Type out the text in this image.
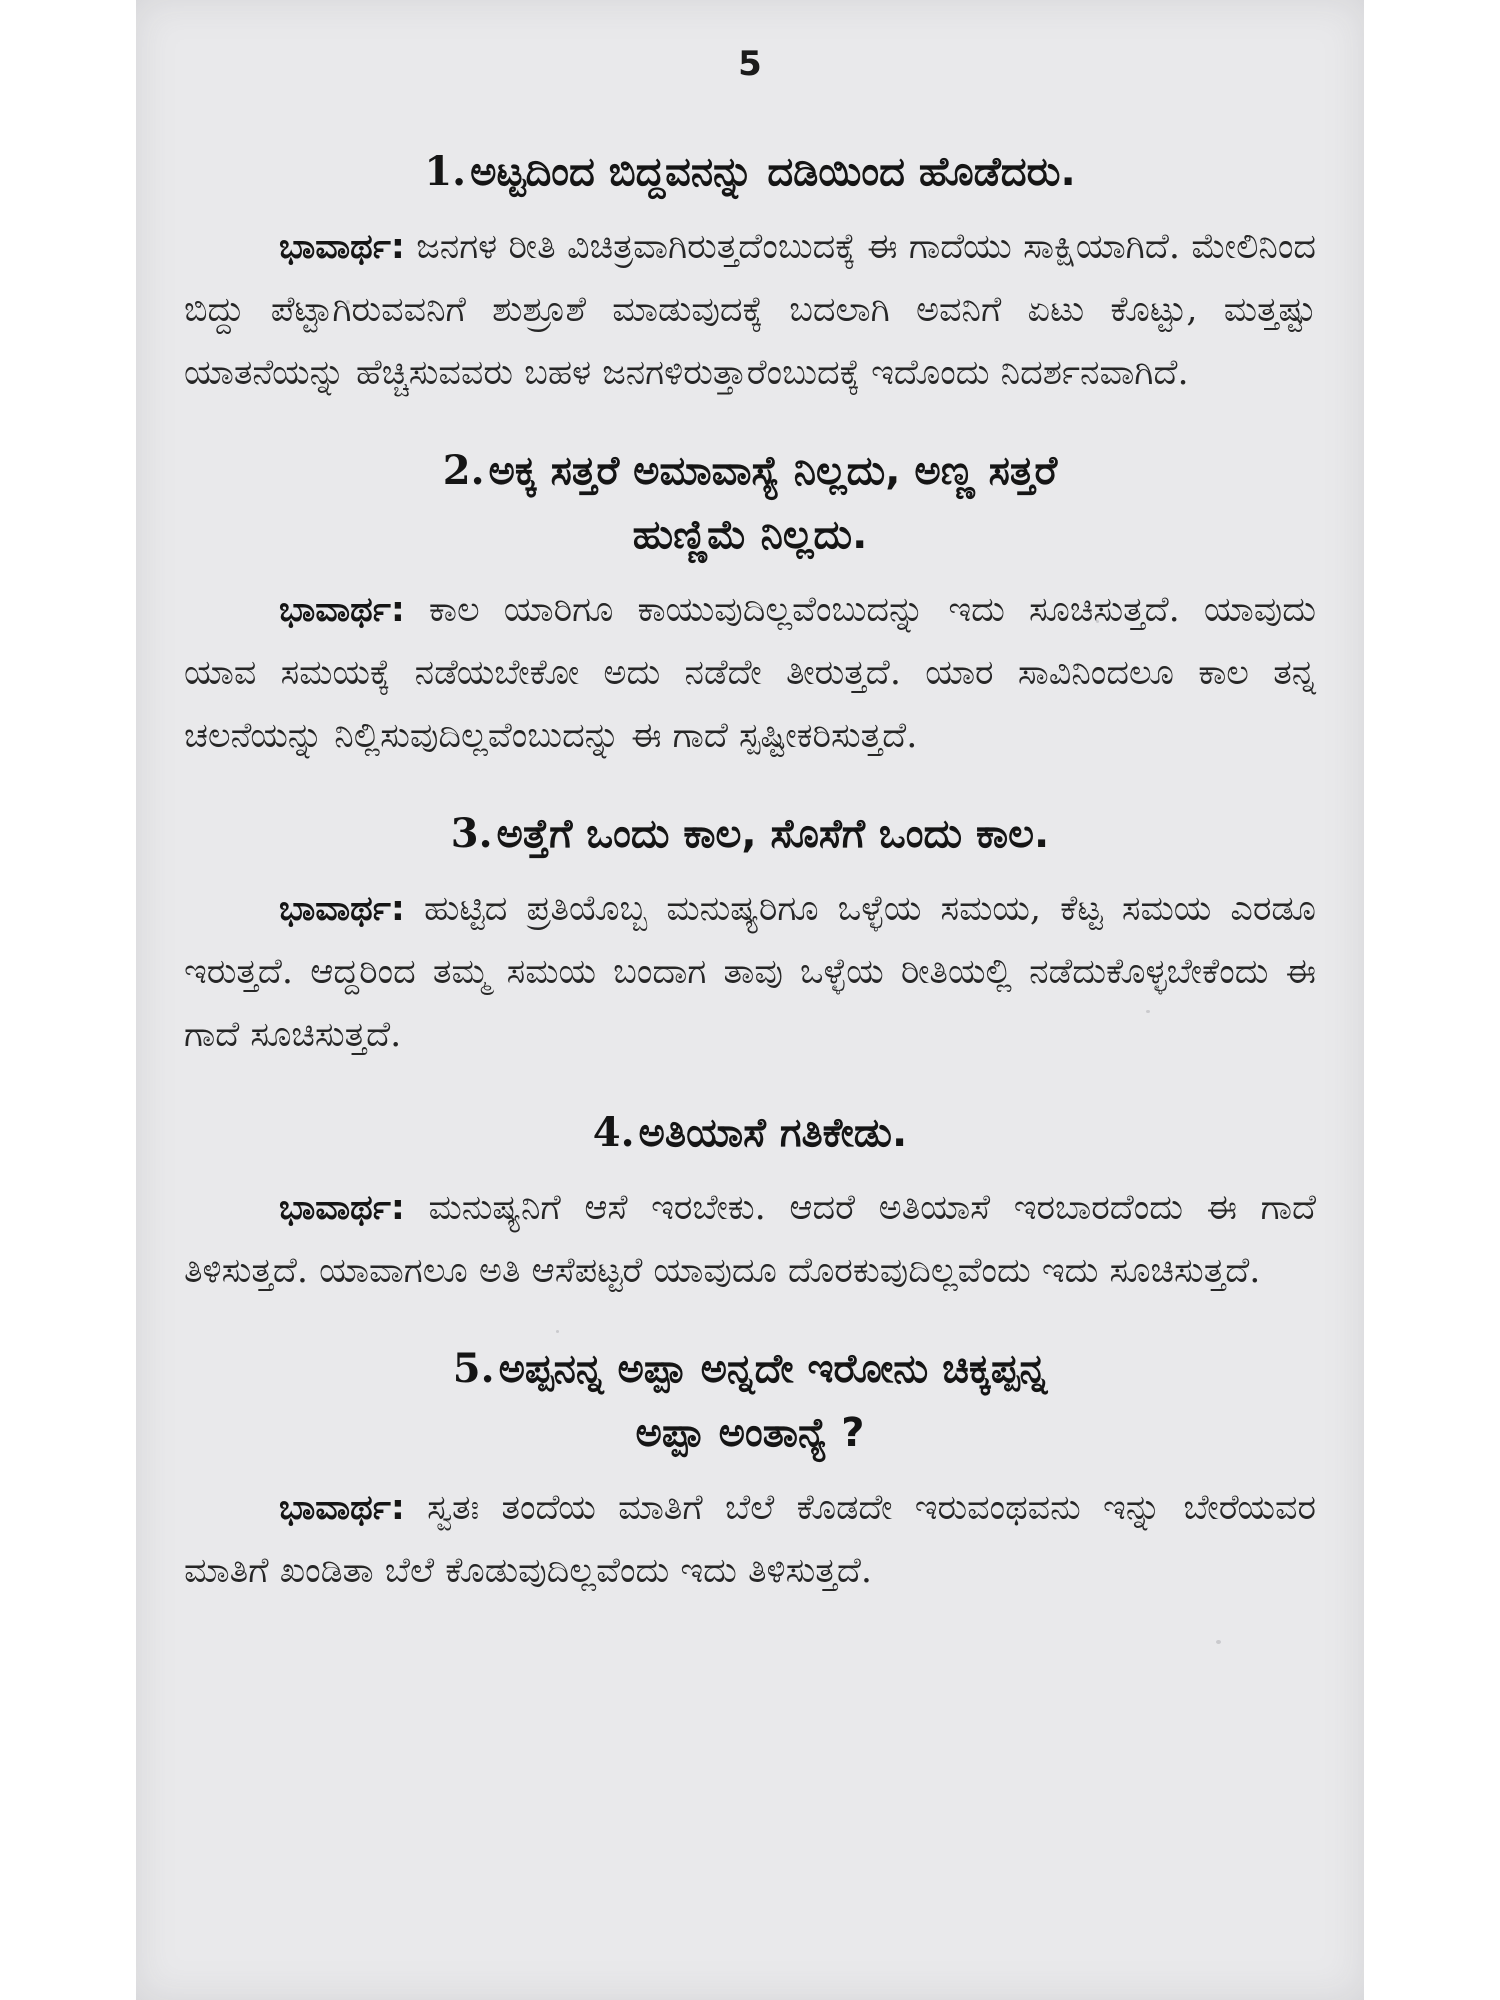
5
1. ಅಟ್ಟದಿಂದ ಬಿದ್ದವನನ್ನು ದಡಿಯಿಂದ ಹೊಡೆದರು.

ಭಾವಾರ್ಥ: ಜನಗಳ ರೀತಿ ವಿಚಿತ್ರವಾಗಿರುತ್ತದೆಂಬುದಕ್ಕೆ ಈ ಗಾದೆಯು ಸಾಕ್ಷಿಯಾಗಿದೆ. ಮೇಲಿನಿಂದ ಬಿದ್ದು ಪೆಟ್ಟಾಗಿರುವವನಿಗೆ ಶುಶ್ರೂಶೆ ಮಾಡುವುದಕ್ಕೆ ಬದಲಾಗಿ ಅವನಿಗೆ ಏಟು ಕೊಟ್ಟು, ಮತ್ತಷ್ಟು ಯಾತನೆಯನ್ನು ಹೆಚ್ಚಿಸುವವರು ಬಹಳ ಜನಗಳಿರುತ್ತಾರೆಂಬುದಕ್ಕೆ ಇದೊಂದು ನಿದರ್ಶನವಾಗಿದೆ.

2. ಅಕ್ಕ ಸತ್ತರೆ ಅಮಾವಾಸ್ಯೆ ನಿಲ್ಲದು, ಅಣ್ಣ ಸತ್ತರೆ
ಹುಣ್ಣಿಮೆ ನಿಲ್ಲದು.

ಭಾವಾರ್ಥ: ಕಾಲ ಯಾರಿಗೂ ಕಾಯುವುದಿಲ್ಲವೆಂಬುದನ್ನು ಇದು ಸೂಚಿಸುತ್ತದೆ. ಯಾವುದು ಯಾವ ಸಮಯಕ್ಕೆ ನಡೆಯಬೇಕೋ ಅದು ನಡೆದೇ ತೀರುತ್ತದೆ. ಯಾರ ಸಾವಿನಿಂದಲೂ ಕಾಲ ತನ್ನ ಚಲನೆಯನ್ನು ನಿಲ್ಲಿಸುವುದಿಲ್ಲವೆಂಬುದನ್ನು ಈ ಗಾದೆ ಸ್ಪಷ್ಟೀಕರಿಸುತ್ತದೆ.

3. ಅತ್ತೆಗೆ ಒಂದು ಕಾಲ, ಸೊಸೆಗೆ ಒಂದು ಕಾಲ.

ಭಾವಾರ್ಥ: ಹುಟ್ಟಿದ ಪ್ರತಿಯೊಬ್ಬ ಮನುಷ್ಯರಿಗೂ ಒಳ್ಳೆಯ ಸಮಯ, ಕೆಟ್ಟ ಸಮಯ ಎರಡೂ ಇರುತ್ತದೆ. ಆದ್ದರಿಂದ ತಮ್ಮ ಸಮಯ ಬಂದಾಗ ತಾವು ಒಳ್ಳೆಯ ರೀತಿಯಲ್ಲಿ ನಡೆದುಕೊಳ್ಳಬೇಕೆಂದು ಈ ಗಾದೆ ಸೂಚಿಸುತ್ತದೆ.

4. ಅತಿಯಾಸೆ ಗತಿಕೇಡು.

ಭಾವಾರ್ಥ: ಮನುಷ್ಯನಿಗೆ ಆಸೆ ಇರಬೇಕು. ಆದರೆ ಅತಿಯಾಸೆ ಇರಬಾರದೆಂದು ಈ ಗಾದೆ ತಿಳಿಸುತ್ತದೆ. ಯಾವಾಗಲೂ ಅತಿ ಆಸೆಪಟ್ಟರೆ ಯಾವುದೂ ದೊರಕುವುದಿಲ್ಲವೆಂದು ಇದು ಸೂಚಿಸುತ್ತದೆ.

5. ಅಪ್ಪನನ್ನ ಅಪ್ಪಾ ಅನ್ನದೇ ಇರೋನು ಚಿಕ್ಕಪ್ಪನ್ನ
ಅಪ್ಪಾ ಅಂತಾನ್ಯೆ ?

ಭಾವಾರ್ಥ: ಸ್ವತಃ ತಂದೆಯ ಮಾತಿಗೆ ಬೆಲೆ ಕೊಡದೇ ಇರುವಂಥವನು ಇನ್ನು ಬೇರೆಯವರ ಮಾತಿಗೆ ಖಂಡಿತಾ ಬೆಲೆ ಕೊಡುವುದಿಲ್ಲವೆಂದು ಇದು ತಿಳಿಸುತ್ತದೆ.
